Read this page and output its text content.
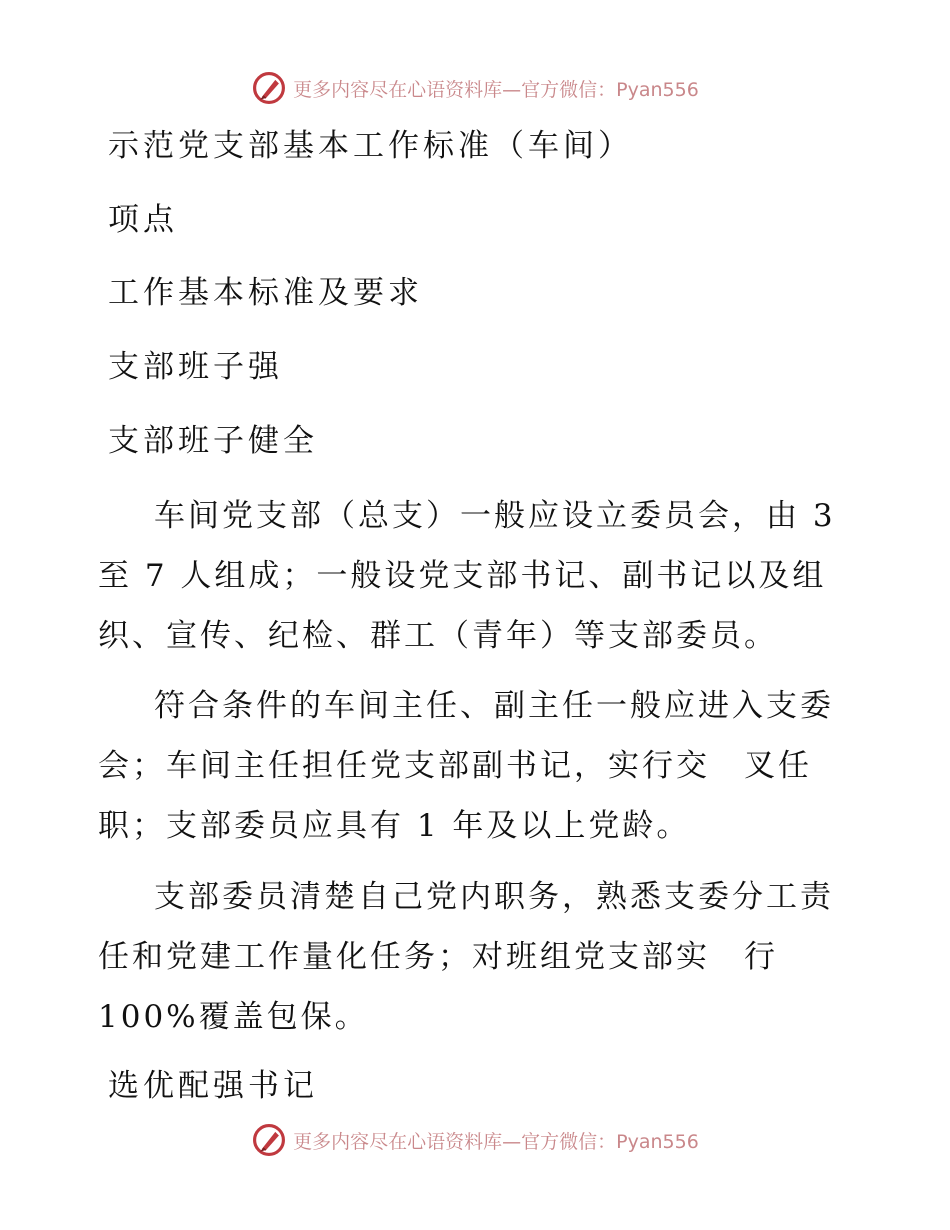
更多内容尽在心语资料库—官方微信：Pyan556
示范党支部基本工作标准（车间）
项点
工作基本标准及要求
支部班子强
支部班子健全
车间党支部（总支）一般应设立委员会，由 3
至 7 人组成；一般设党支部书记、副书记以及组
织、宣传、纪检、群工（青年）等支部委员。
符合条件的车间主任、副主任一般应进入支委
会；车间主任担任党支部副书记，实行交　叉任
职；支部委员应具有 1 年及以上党龄。
支部委员清楚自己党内职务，熟悉支委分工责
任和党建工作量化任务；对班组党支部实　行
100%覆盖包保。
选优配强书记
更多内容尽在心语资料库—官方微信：Pyan556
